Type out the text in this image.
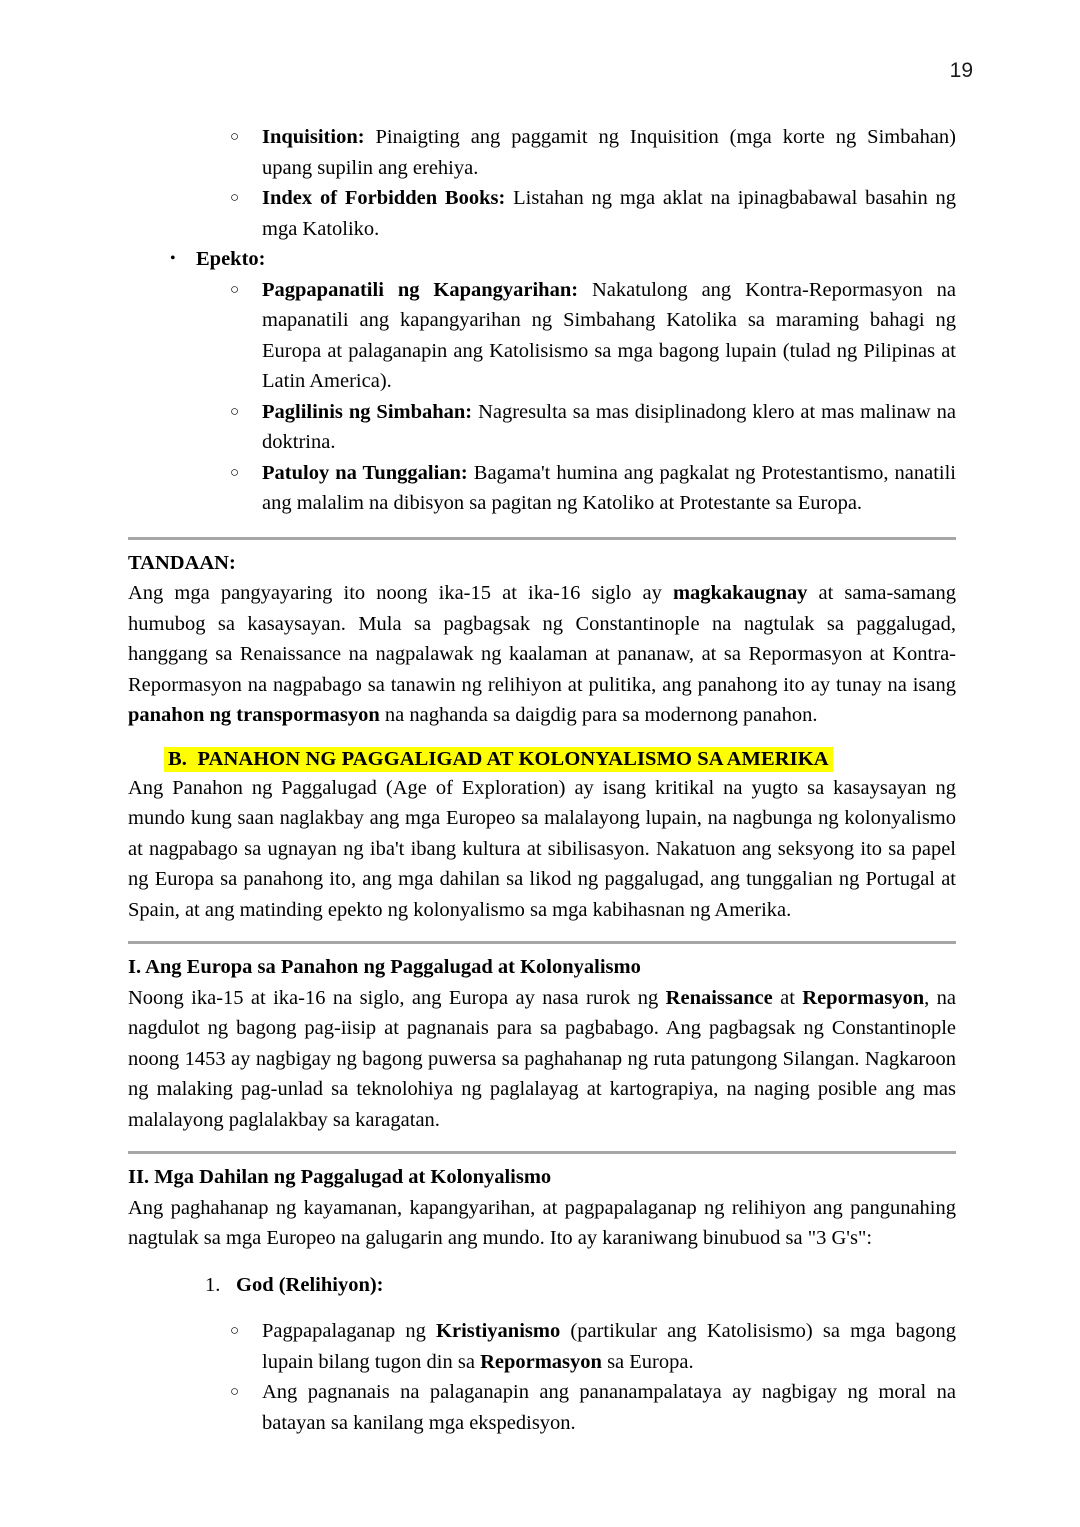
19
○	Inquisition: Pinaigting ang paggamit ng Inquisition (mga korte ng Simbahan) upang supilin ang erehiya.
○	Index of Forbidden Books: Listahan ng mga aklat na ipinagbabawal basahin ng mga Katoliko.
• Epekto:
○	Pagpapanatili ng Kapangyarihan: Nakatulong ang Kontra-Repormasyon na mapanatili ang kapangyarihan ng Simbahang Katolika sa maraming bahagi ng Europa at palaganapin ang Katolisismo sa mga bagong lupain (tulad ng Pilipinas at Latin America).
○	Paglilinis ng Simbahan: Nagresulta sa mas disiplinadong klero at mas malinaw na doktrina.
○	Patuloy na Tunggalian: Bagama't humina ang pagkalat ng Protestantismo, nanatili ang malalim na dibisyon sa pagitan ng Katoliko at Protestante sa Europa.
TANDAAN:

Ang mga pangyayaring ito noong ika-15 at ika-16 siglo ay magkakaugnay at sama-samang humubog sa kasaysayan. Mula sa pagbagsak ng Constantinople na nagtulak sa paggalugad, hanggang sa Renaissance na nagpalawak ng kaalaman at pananaw, at sa Repormasyon at Kontra-Repormasyon na nagpabago sa tanawin ng relihiyon at pulitika, ang panahong ito ay tunay na isang panahon ng transpormasyon na naghanda sa daigdig para sa modernong panahon.

B.  PANAHON NG PAGGALIGAD AT KOLONYALISMO SA AMERIKA

Ang Panahon ng Paggalugad (Age of Exploration) ay isang kritikal na yugto sa kasaysayan ng mundo kung saan naglakbay ang mga Europeo sa malalayong lupain, na nagbunga ng kolonyalismo at nagpabago sa ugnayan ng iba't ibang kultura at sibilisasyon. Nakatuon ang seksyong ito sa papel ng Europa sa panahong ito, ang mga dahilan sa likod ng paggalugad, ang tunggalian ng Portugal at Spain, at ang matinding epekto ng kolonyalismo sa mga kabihasnan ng Amerika.

I. Ang Europa sa Panahon ng Paggalugad at Kolonyalismo

Noong ika-15 at ika-16 na siglo, ang Europa ay nasa rurok ng Renaissance at Repormasyon, na nagdulot ng bagong pag-iisip at pagnanais para sa pagbabago. Ang pagbagsak ng Constantinople noong 1453 ay nagbigay ng bagong puwersa sa paghahanap ng ruta patungong Silangan. Nagkaroon ng malaking pag-unlad sa teknolohiya ng paglalayag at kartograpiya, na naging posible ang mas malalayong paglalakbay sa karagatan.

II. Mga Dahilan ng Paggalugad at Kolonyalismo

Ang paghahanap ng kayamanan, kapangyarihan, at pagpapalaganap ng relihiyon ang pangunahing nagtulak sa mga Europeo na galugarin ang mundo. Ito ay karaniwang binubuod sa "3 G's":

1. God (Relihiyon):
○	Pagpapalaganap ng Kristiyanismo (partikular ang Katolisismo) sa mga bagong lupain bilang tugon din sa Repormasyon sa Europa.
○	Ang pagnanais na palaganapin ang pananampalataya ay nagbigay ng moral na batayan sa kanilang mga ekspedisyon.
